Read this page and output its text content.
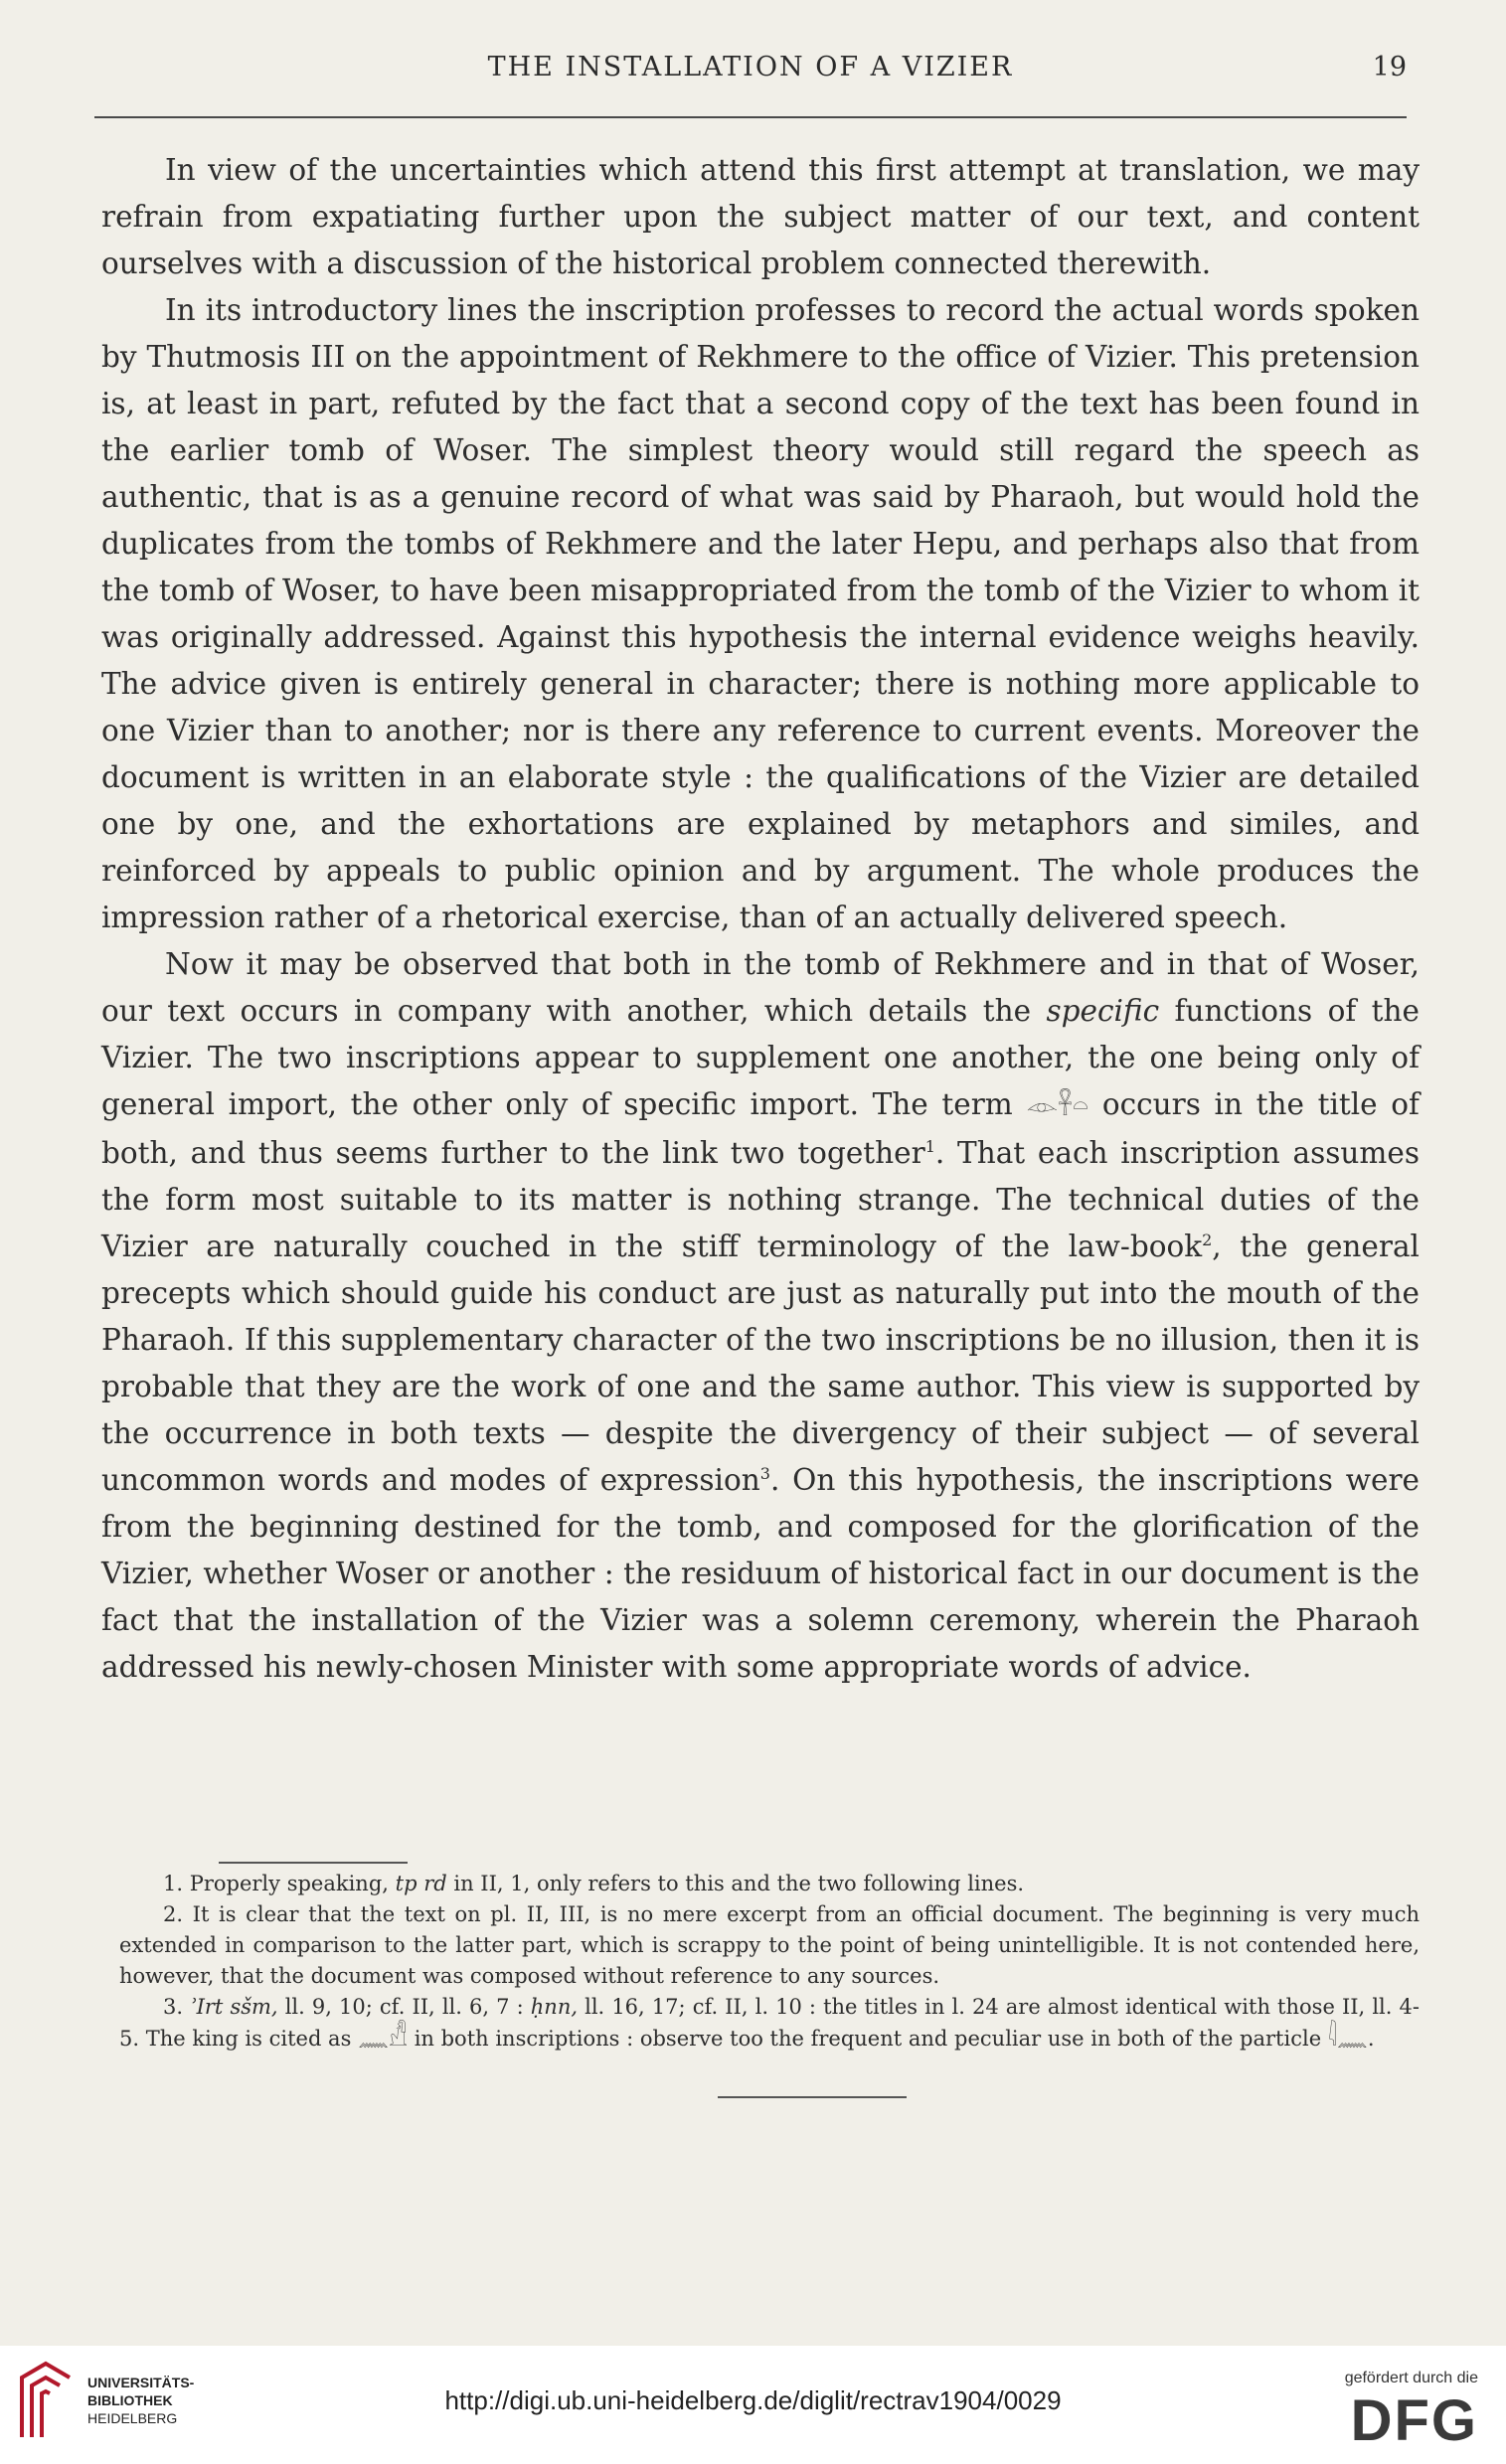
THE INSTALLATION OF A VIZIER	19

In view of the uncertainties which attend this first attempt at translation, we may refrain from expatiating further upon the subject matter of our text, and content ourselves with a discussion of the historical problem connected therewith.

In its introductory lines the inscription professes to record the actual words spoken by Thutmosis III on the appointment of Rekhmere to the office of Vizier. This pretension is, at least in part, refuted by the fact that a second copy of the text has been found in the earlier tomb of Woser. The simplest theory would still regard the speech as authentic, that is as a genuine record of what was said by Pharaoh, but would hold the duplicates from the tombs of Rekhmere and the later Hepu, and perhaps also that from the tomb of Woser, to have been misappropriated from the tomb of the Vizier to whom it was originally addressed. Against this hypothesis the internal evidence weighs heavily. The advice given is entirely general in character; there is nothing more applicable to one Vizier than to another; nor is there any reference to current events. Moreover the document is written in an elaborate style : the qualifications of the Vizier are detailed one by one, and the exhortations are explained by metaphors and similes, and reinforced by appeals to public opinion and by argument. The whole produces the impression rather of a rhetorical exercise, than of an actually delivered speech.

Now it may be observed that both in the tomb of Rekhmere and in that of Woser, our text occurs in company with another, which details the specific functions of the Vizier. The two inscriptions appear to supplement one another, the one being only of general import, the other only of specific import. The term 𓁹𓋹𓏏 occurs in the title of both, and thus seems further to the link two together$^1$. That each inscription assumes the form most suitable to its matter is nothing strange. The technical duties of the Vizier are naturally couched in the stiff terminology of the law-book$^2$, the general precepts which should guide his conduct are just as naturally put into the mouth of the Pharaoh. If this supplementary character of the two inscriptions be no illusion, then it is probable that they are the work of one and the same author. This view is supported by the occurrence in both texts — despite the divergency of their subject — of several uncommon words and modes of expression$^3$. On this hypothesis, the inscriptions were from the beginning destined for the tomb, and composed for the glorification of the Vizier, whether Woser or another : the residuum of historical fact in our document is the fact that the installation of the Vizier was a solemn ceremony, wherein the Pharaoh addressed his newly-chosen Minister with some appropriate words of advice.

1. Properly speaking, tp rd in II, 1, only refers to this and the two following lines.

2. It is clear that the text on pl. II, III, is no mere excerpt from an official document. The beginning is very much extended in comparison to the latter part, which is scrappy to the point of being unintelligible. It is not contended here, however, that the document was composed without reference to any sources.

3. ʾIrt sšm, ll. 9, 10; cf. II, ll. 6, 7 : ḥnn, ll. 16, 17; cf. II, l. 10 : the titles in l. 24 are almost identical with those II, ll. 4-5. The king is cited as 𓈖𓀭 in both inscriptions : observe too the frequent and peculiar use in both of the particle 𓇋𓈖.

UNIVERSITÄTS-
BIBLIOTHEK
HEIDELBERG
http://digi.ub.uni-heidelberg.de/diglit/rectrav1904/0029
gefördert durch die
DFG
